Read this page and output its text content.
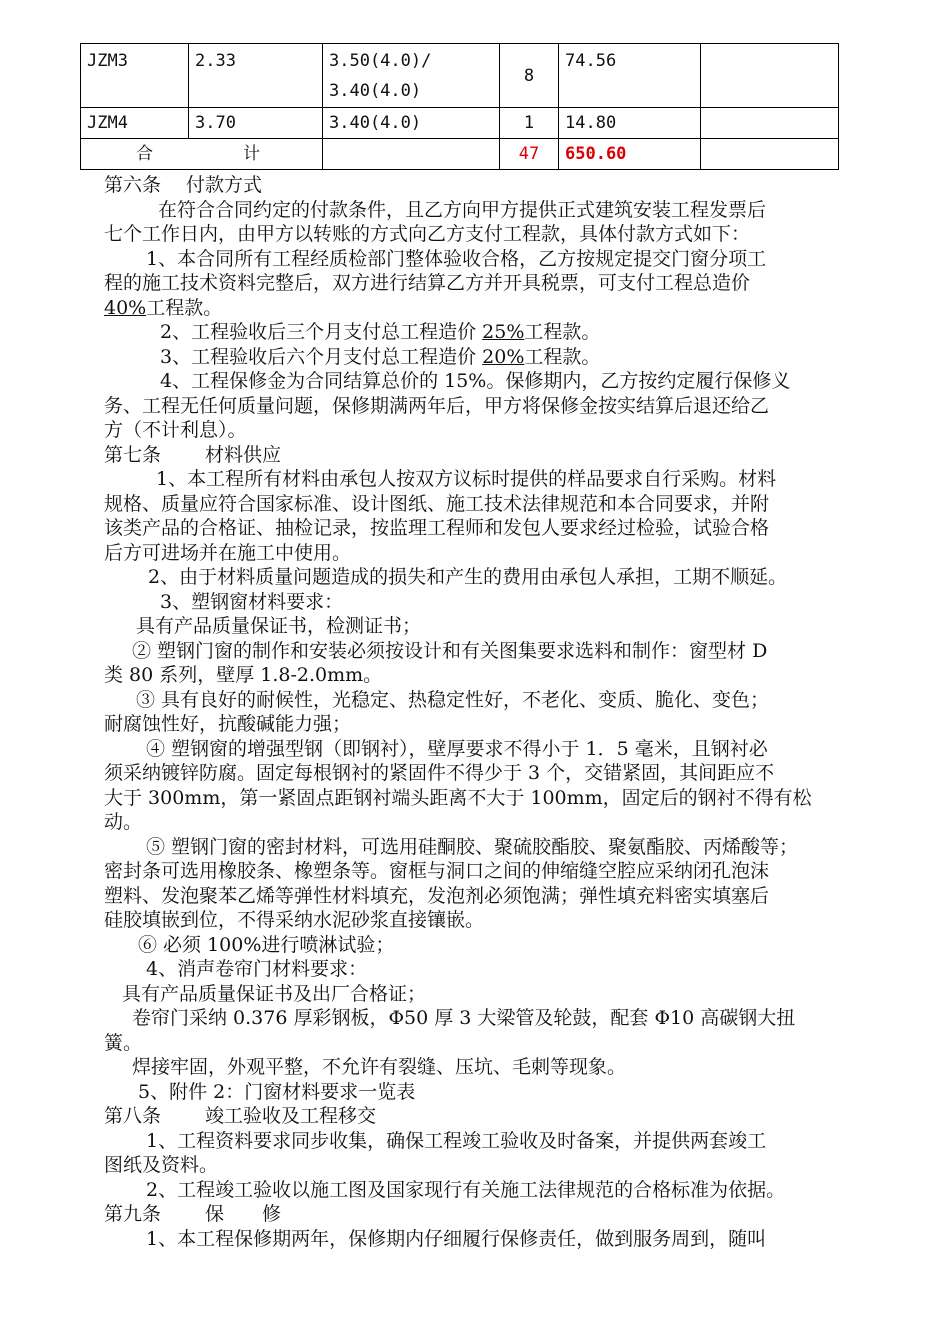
JZM3	2.33	3.50(4.0)/
3.40(4.0)	8	74.56	
JZM4	3.70	3.40(4.0)	1	14.80	
合 计			47	650.60	
第六条　 付款方式
在符合合同约定的付款条件，且乙方向甲方提供正式建筑安装工程发票后
七个工作日内，由甲方以转账的方式向乙方支付工程款，具体付款方式如下：
1、本合同所有工程经质检部门整体验收合格，乙方按规定提交门窗分项工
程的施工技术资料完整后，双方进行结算乙方并开具税票，可支付工程总造价
40%工程款。
2、工程验收后三个月支付总工程造价 25%工程款。
3、工程验收后六个月支付总工程造价 20%工程款。
4、工程保修金为合同结算总价的 15%。保修期内，乙方按约定履行保修义
务、工程无任何质量问题，保修期满两年后，甲方将保修金按实结算后退还给乙
方（不计利息）。
第七条　　 材料供应
1、本工程所有材料由承包人按双方议标时提供的样品要求自行采购。材料
规格、质量应符合国家标准、设计图纸、施工技术法律规范和本合同要求，并附
该类产品的合格证、抽检记录，按监理工程师和发包人要求经过检验，试验合格
后方可进场并在施工中使用。
2、由于材料质量问题造成的损失和产生的费用由承包人承担，工期不顺延。
3、塑钢窗材料要求：
具有产品质量保证书，检测证书；
② 塑钢门窗的制作和安装必须按设计和有关图集要求选料和制作：窗型材 D
类 80 系列，壁厚 1.8-2.0mm。
③ 具有良好的耐候性，光稳定、热稳定性好，不老化、变质、脆化、变色；
耐腐蚀性好，抗酸碱能力强；
④ 塑钢窗的增强型钢（即钢衬），壁厚要求不得小于 1．5 毫米，且钢衬必
须采纳镀锌防腐。固定每根钢衬的紧固件不得少于 3 个，交错紧固，其间距应不
大于 300mm，第一紧固点距钢衬端头距离不大于 100mm，固定后的钢衬不得有松
动。
⑤ 塑钢门窗的密封材料，可选用硅酮胶、聚硫胶酯胶、聚氨酯胶、丙烯酸等；
密封条可选用橡胶条、橡塑条等。窗框与洞口之间的伸缩缝空腔应采纳闭孔泡沫
塑料、发泡聚苯乙烯等弹性材料填充，发泡剂必须饱满；弹性填充料密实填塞后
硅胶填嵌到位，不得采纳水泥砂浆直接镶嵌。
⑥ 必须 100%进行喷淋试验；
4、消声卷帘门材料要求：
具有产品质量保证书及出厂合格证；
卷帘门采纳 0.376 厚彩钢板，Φ50 厚 3 大梁管及轮鼓，配套 Φ10 高碳钢大扭
簧。
焊接牢固，外观平整，不允许有裂缝、压坑、毛刺等现象。
5、附件 2：门窗材料要求一览表
第八条　　 竣工验收及工程移交
1、工程资料要求同步收集，确保工程竣工验收及时备案，并提供两套竣工
图纸及资料。
2、工程竣工验收以施工图及国家现行有关施工法律规范的合格标准为依据。
第九条　　 保　　修
1、本工程保修期两年，保修期内仔细履行保修责任，做到服务周到，随叫
